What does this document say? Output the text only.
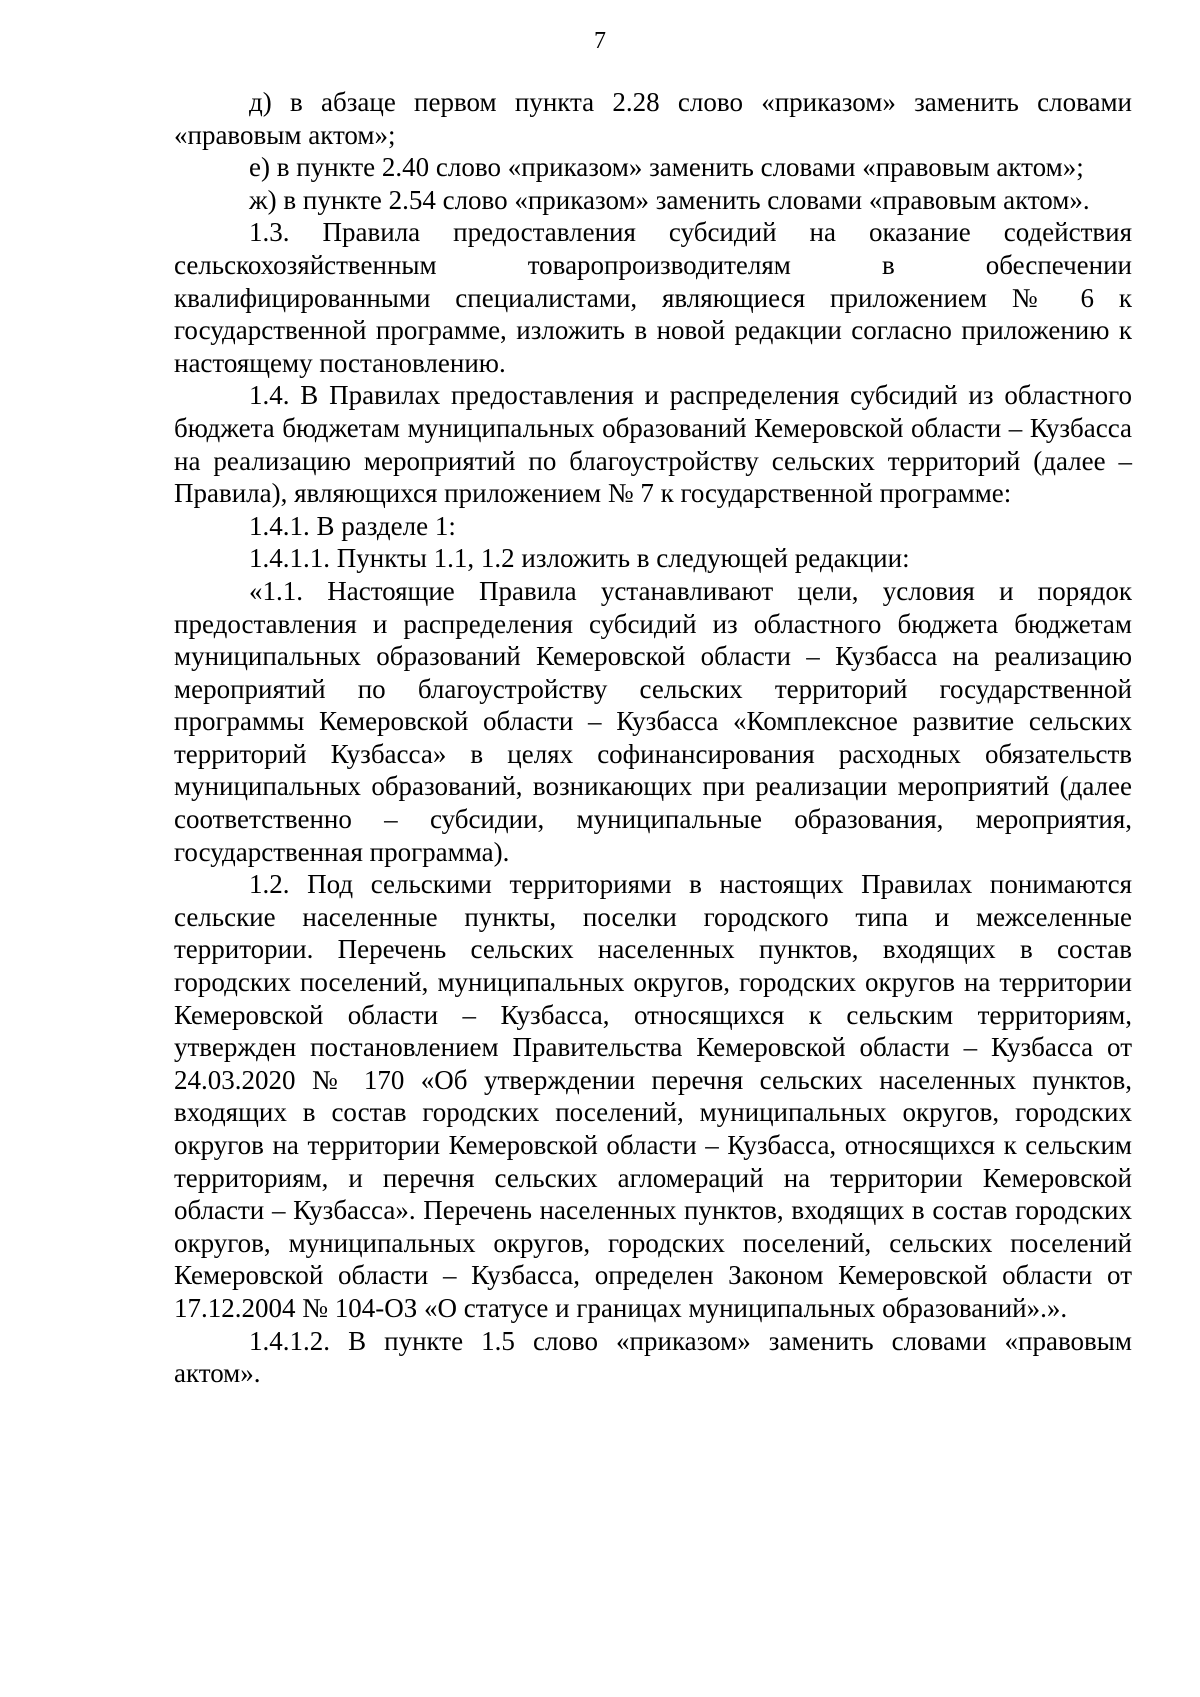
7

д) в абзаце первом пункта 2.28 слово «приказом» заменить словами «правовым актом»;

е) в пункте 2.40 слово «приказом» заменить словами «правовым актом»;

ж) в пункте 2.54 слово «приказом» заменить словами «правовым актом».

1.3. Правила предоставления субсидий на оказание содействия сельскохозяйственным товаропроизводителям в обеспечении квалифицированными специалистами, являющиеся приложением № 6 к государственной программе, изложить в новой редакции согласно приложению к настоящему постановлению.

1.4. В Правилах предоставления и распределения субсидий из областного бюджета бюджетам муниципальных образований Кемеровской области – Кузбасса на реализацию мероприятий по благоустройству сельских территорий (далее – Правила), являющихся приложением № 7 к государственной программе:

1.4.1. В разделе 1:

1.4.1.1. Пункты 1.1, 1.2 изложить в следующей редакции:

«1.1. Настоящие Правила устанавливают цели, условия и порядок предоставления и распределения субсидий из областного бюджета бюджетам муниципальных образований Кемеровской области – Кузбасса на реализацию мероприятий по благоустройству сельских территорий государственной программы Кемеровской области – Кузбасса «Комплексное развитие сельских территорий Кузбасса» в целях софинансирования расходных обязательств муниципальных образований, возникающих при реализации мероприятий (далее соответственно – субсидии, муниципальные образования, мероприятия, государственная программа).

1.2. Под сельскими территориями в настоящих Правилах понимаются сельские населенные пункты, поселки городского типа и межселенные территории. Перечень сельских населенных пунктов, входящих в состав городских поселений, муниципальных округов, городских округов на территории Кемеровской области – Кузбасса, относящихся к сельским территориям, утвержден постановлением Правительства Кемеровской области – Кузбасса от 24.03.2020 № 170 «Об утверждении перечня сельских населенных пунктов, входящих в состав городских поселений, муниципальных округов, городских округов на территории Кемеровской области – Кузбасса, относящихся к сельским территориям, и перечня сельских агломераций на территории Кемеровской области – Кузбасса». Перечень населенных пунктов, входящих в состав городских округов, муниципальных округов, городских поселений, сельских поселений Кемеровской области – Кузбасса, определен Законом Кемеровской области от 17.12.2004 № 104-ОЗ «О статусе и границах муниципальных образований».».

1.4.1.2. В пункте 1.5 слово «приказом» заменить словами «правовым актом».
